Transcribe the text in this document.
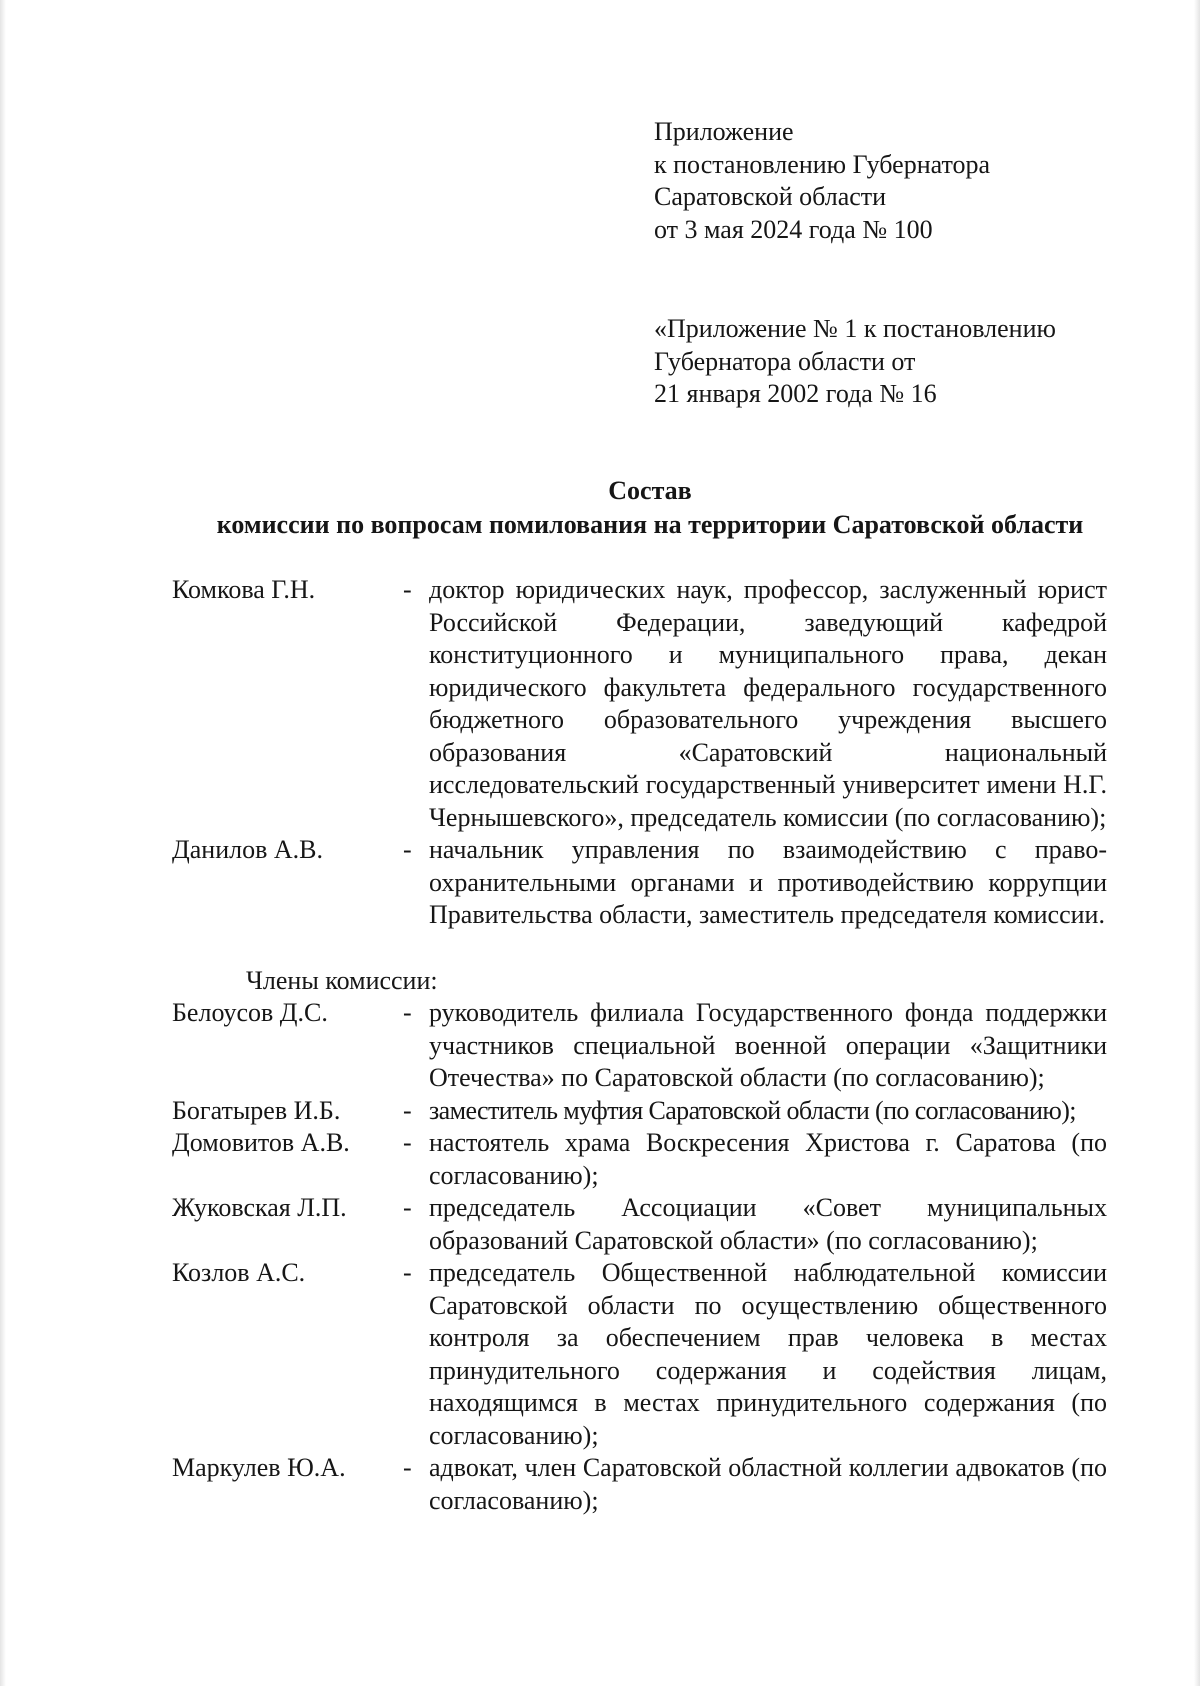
Приложение
к постановлению Губернатора
Саратовской области
от 3 мая 2024 года № 100
«Приложение № 1 к постановлению
Губернатора области от
21 января 2002 года № 16
Состав
комиссии по вопросам помилования на территории Саратовской области
Комкова Г.Н.	- доктор юридических наук, профессор, заслуженный юрист Российской Федерации, заведующий кафедрой конституционного и муниципального права, декан юридического факультета федерального государственного бюджетного образовательного учреждения высшего образования «Саратовский национальный исследовательский государственный университет имени Н.Г. Чернышевского», председатель комиссии (по согласованию);
Данилов А.В.	- начальник управления по взаимодействию с правоохранительными органами и противодействию коррупции Правительства области, заместитель председателя комиссии.
Члены комиссии:
Белоусов Д.С.	- руководитель филиала Государственного фонда поддержки участников специальной военной операции «Защитники Отечества» по Саратовской области (по согласованию);
Богатырев И.Б.	- заместитель муфтия Саратовской области (по согласованию);
Домовитов А.В.	- настоятель храма Воскресения Христова г. Саратова (по согласованию);
Жуковская Л.П.	- председатель Ассоциации «Совет муниципальных образований Саратовской области» (по согласованию);
Козлов А.С.	- председатель Общественной наблюдательной комиссии Саратовской области по осуществлению общественного контроля за обеспечением прав человека в местах принудительного содержания и содействия лицам, находящимся в местах принудительного содержания (по согласованию);
Маркулев Ю.А.	- адвокат, член Саратовской областной коллегии адвокатов (по согласованию);
